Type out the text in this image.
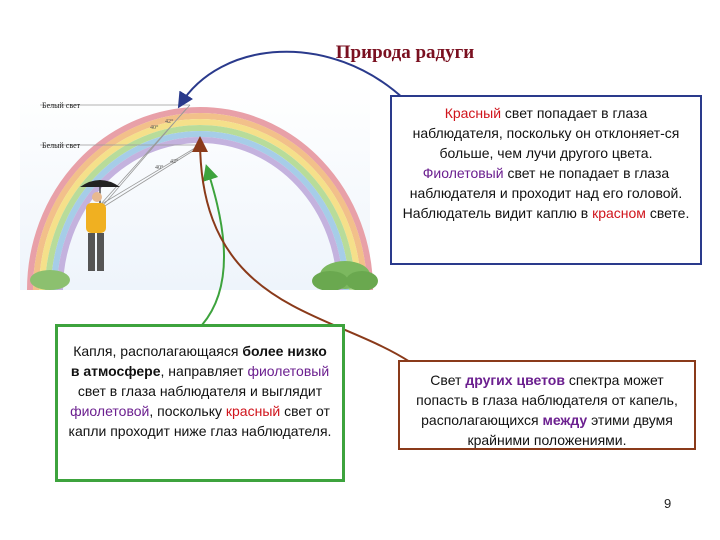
Природа радуги
Белый свет
Белый свет
40°
42°
40°
42°
Красный свет попадает в глаза наблюдателя, поскольку он отклоняет-ся больше, чем лучи другого цвета. Фиолетовый свет не попадает в глаза наблюдателя и проходит над его головой. Наблюдатель видит каплю в красном свете.
Капля, располагающаяся более низко в атмосфере, направляет фиолетовый свет в глаза наблюдателя и выглядит фиолетовой, поскольку красный свет от капли проходит ниже глаз наблюдателя.
Свет других цветов спектра может попасть в глаза наблюдателя от капель, располагающихся между этими двумя крайними положениями.
9
